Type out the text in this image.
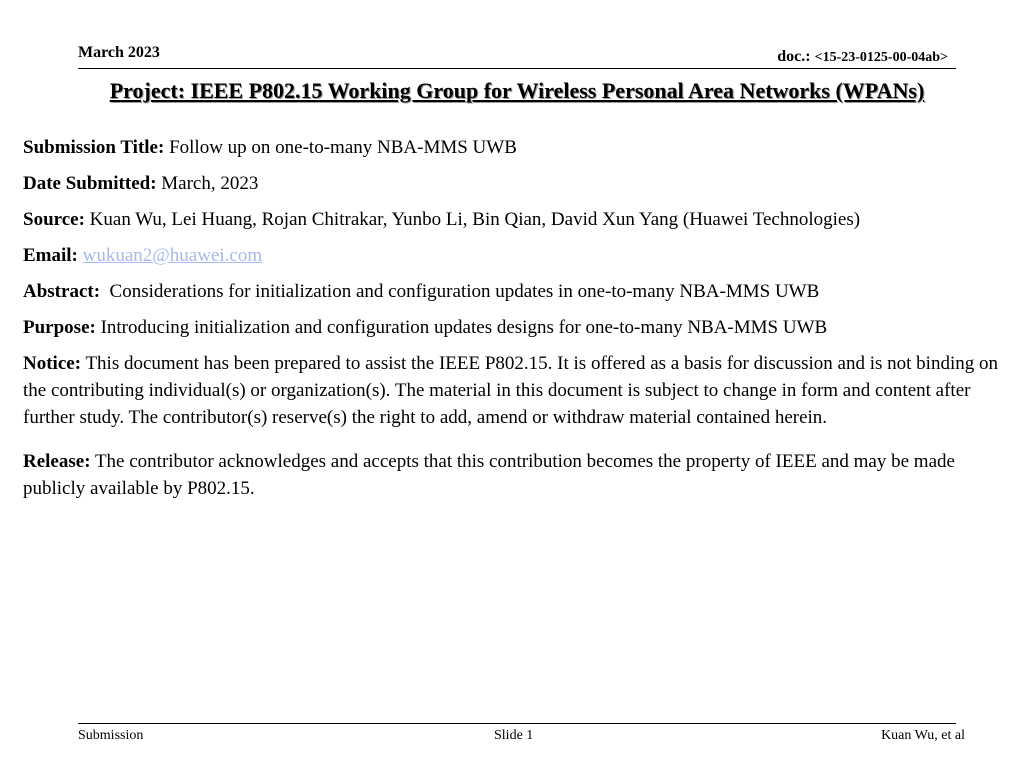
March 2023	doc.: <15-23-0125-00-04ab>
Project: IEEE P802.15 Working Group for Wireless Personal Area Networks (WPANs)

Submission Title: Follow up on one-to-many NBA-MMS UWB

Date Submitted: March, 2023

Source: Kuan Wu, Lei Huang, Rojan Chitrakar, Yunbo Li, Bin Qian, David Xun Yang (Huawei Technologies)

Email: wukuan2@huawei.com

Abstract:  Considerations for initialization and configuration updates in one-to-many NBA-MMS UWB

Purpose: Introducing initialization and configuration updates designs for one-to-many NBA-MMS UWB

Notice: This document has been prepared to assist the IEEE P802.15. It is offered as a basis for discussion and is not binding on the contributing individual(s) or organization(s). The material in this document is subject to change in form and content after further study. The contributor(s) reserve(s) the right to add, amend or withdraw material contained herein.

Release: The contributor acknowledges and accepts that this contribution becomes the property of IEEE and may be made publicly available by P802.15.

Submission	Slide 1	Kuan Wu, et al
